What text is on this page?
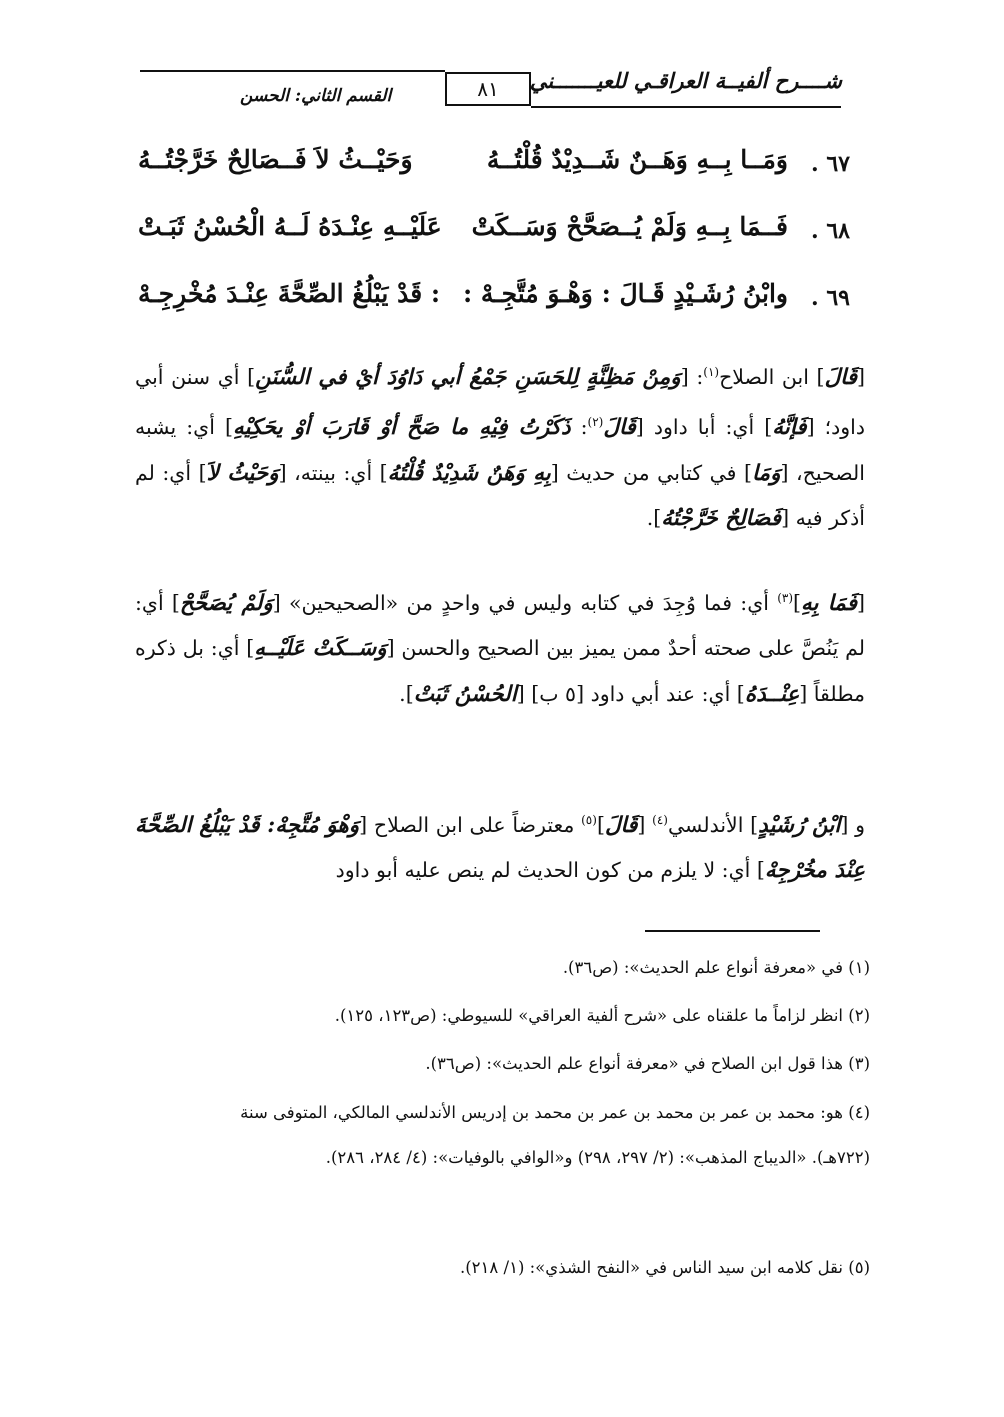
شــــرح ألفيــة العراقـي للعيـــــــني
٨١
القسم الثاني: الحسن
٦٧ .
وَمَــا بِــهِ وَهَــنٌ شَــدِيْدٌ قُلْتُــهُ
وَحَيْــثُ لاَ فَــصَالِحٌ خَرَّجْتُــهُ
٦٨ .
فَــمَا بِــهِ وَلَمْ يُــصَحَّحْ وَسَــكَتْ
عَلَيْــهِ عِنْـدَهُ لَــهُ الْحُسْنُ ثَبَـتْ
٦٩ .
وابْنُ رُشَـيْدٍ قَـالَ : وَهْـوَ مُتَّجِـهْ :
: قَدْ يَبْلُغُ الصِّحَّةَ عِنْـدَ مُخْرِجِـهْ
[قَالَ] ابن الصلاح$^{(١)}$: [وَمِنْ مَظِنَّةٍ لِلحَسَنِ جَمْعُ أبي دَاوُدَ أيْ في السُّنَنِ] أي سنن أبي داود؛ [فَإنَّهُ] أي: أبا داود [قَالَ$^{(٢)}$: ذَكَرْتُ فِيْهِ ما صَحَّ أوْ قَارَبَ أوْ يحَكِيْهِ] أي: يشبه الصحيح، [وَمَا] في كتابي من حديث [بِهِ وَهَنٌ شَدِيْدٌ قُلْتُهُ] أي: بينته، [وَحَيْثُ لاَ] أي: لم أذكر فيه [فَصَالِحٌ خَرَّجْتُهُ].
[فَمَا بِهِ]$^{(٣)}$ أي: فما وُجِدَ في كتابه وليس في واحدٍ من «الصحيحين» [وَلَمْ يُصَحَّحْ] أي: لم يَنُصَّ على صحته أحدٌ ممن يميز بين الصحيح والحسن [وَسَــكَتْ عَلَيْــهِ] أي: بل ذكره مطلقاً [عِنْــدَهُ] أي: عند أبي داود [٥ ب] [الحُسْنُ ثَبَتْ].
و [ابْنُ رُشَيْدٍ] الأندلسي$^{(٤)}$ [قَالَ]$^{(٥)}$ معترضاً على ابن الصلاح [وَهْوَ مُتَّجِهْ: قَدْ يَبْلُغُ الصِّحَّةَ عِنْدَ مخُرْجِهْ] أي: لا يلزم من كون الحديث لم ينص عليه أبو داود
(١) في «معرفة أنواع علم الحديث»: (ص٣٦).
(٢) انظر لزاماً ما علقناه على «شرح ألفية العراقي» للسيوطي: (ص١٢٣، ١٢٥).
(٣) هذا قول ابن الصلاح في «معرفة أنواع علم الحديث»: (ص٣٦).
(٤) هو: محمد بن عمر بن محمد بن عمر بن محمد بن إدريس الأندلسي المالكي، المتوفى سنة (٧٢٢هـ). «الديباج المذهب»: (٢/ ٢٩٧، ٢٩٨) و«الوافي بالوفيات»: (٤/ ٢٨٤، ٢٨٦).
(٥) نقل كلامه ابن سيد الناس في «النفح الشذي»: (١/ ٢١٨).
